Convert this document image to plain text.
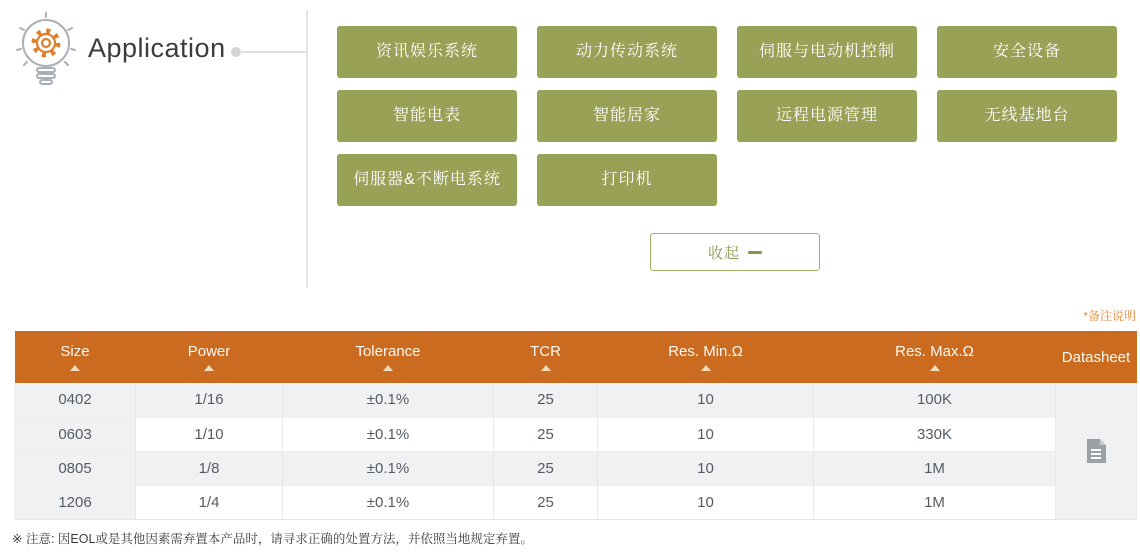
Application	资讯娱乐系统	动力传动系统	伺服与电动机控制	安全设备
智能电表	智能居家	远程电源管理	无线基地台
伺服器&不断电系统	打印机
收起
*备注说明
Size	Power	Tolerance	TCR	Res. Min.Ω	Res. Max.Ω	Datasheet
0402	1/16	±0.1%	25	10	100K	

0603	1/10	±0.1%	25	10	330K	
0805	1/8	±0.1%	25	10	1M	
1206	1/4	±0.1%	25	10	1M	
※ 注意: 因EOL或是其他因素需弃置本产品时，请寻求正确的处置方法，并依照当地规定弃置。
